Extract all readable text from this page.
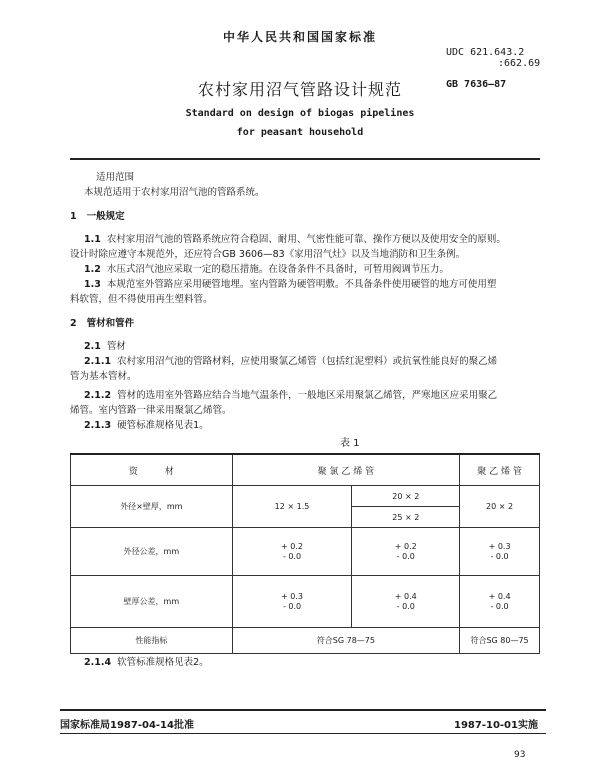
中华人民共和国国家标准
UDC 621.643.2
:662.69
GB 7636—87
农村家用沼气管路设计规范
Standard on design of biogas pipelines
for peasant household
适用范围
本规范适用于农村家用沼气池的管路系统。
1 一般规定
1.1 农村家用沼气池的管路系统应符合稳固、耐用、气密性能可靠、操作方便以及使用安全的原则。
设计时除应遵守本规范外，还应符合GB 3606—83《家用沼气灶》以及当地消防和卫生条例。
1.2 水压式沼气池应采取一定的稳压措施。在设备条件不具备时，可暂用阀调节压力。
1.3 本规范室外管路应采用硬管地埋。室内管路为硬管明敷。不具备条件使用硬管的地方可使用塑
料软管，但不得使用再生塑料管。
2 管材和管件
2.1 管材
2.1.1 农村家用沼气池的管路材料，应使用聚氯乙烯管（包括红泥塑料）或抗氧性能良好的聚乙烯
管为基本管材。
2.1.2 管材的选用室外管路应结合当地气温条件，一般地区采用聚氯乙烯管，严寒地区应采用聚乙
烯管。室内管路一律采用聚氯乙烯管。
2.1.3 硬管标准规格见表1。
表 1
资　　　材	聚 氯 乙 烯 管		聚 乙 烯 管
外径×壁厚，mm	12 × 1.5	20 × 2	20 × 2
		25 × 2	
外径公差，mm	+ 0.2
- 0.0	+ 0.2
- 0.0	+ 0.3
- 0.0

壁厚公差，mm	+ 0.3
- 0.0	+ 0.4
- 0.0	+ 0.4
- 0.0

性能指标	符合SG 78—75		符合SG 80—75
2.1.4 软管标准规格见表2。
国家标准局1987-04-14批准	1987-10-01实施
93
